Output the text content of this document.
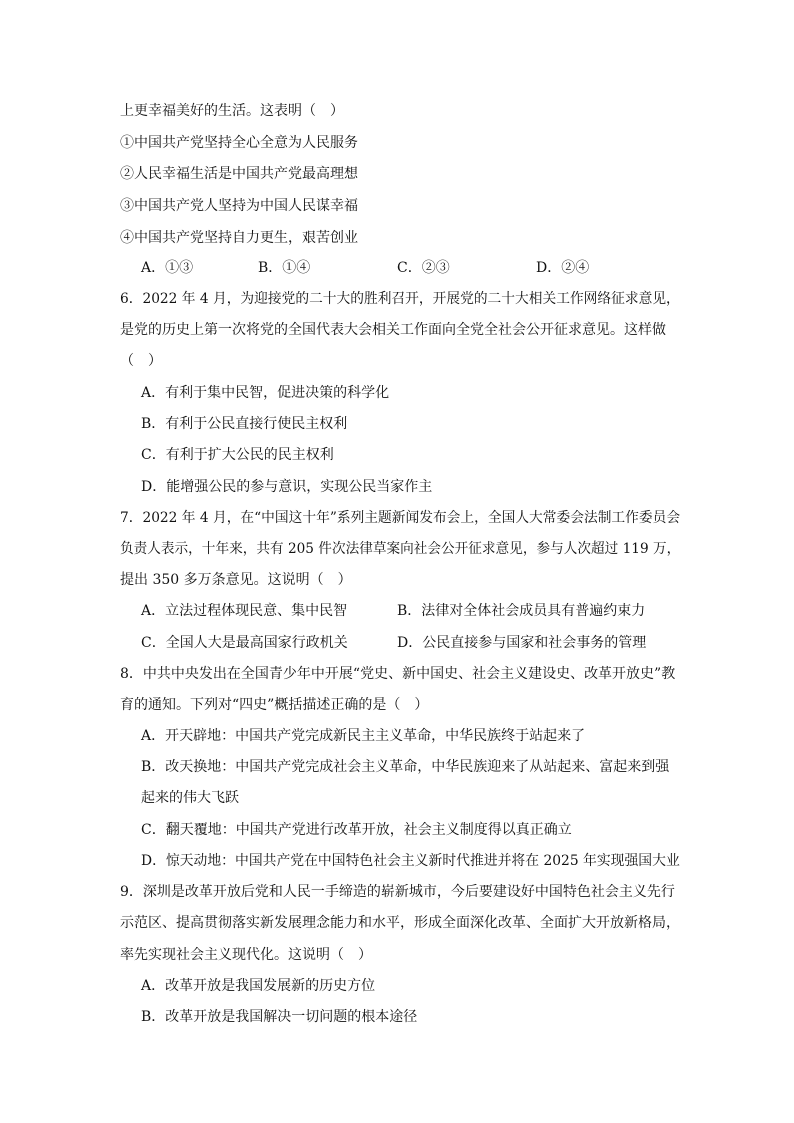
上更幸福美好的生活。这表明（　）
①中国共产党坚持全心全意为人民服务
②人民幸福生活是中国共产党最高理想
③中国共产党人坚持为中国人民谋幸福
④中国共产党坚持自力更生，艰苦创业
A．①③	B．①④	C．②③	D．②④
6．2022 年 4 月，为迎接党的二十大的胜利召开，开展党的二十大相关工作网络征求意见，
是党的历史上第一次将党的全国代表大会相关工作面向全党全社会公开征求意见。这样做
（　）
A．有利于集中民智，促进决策的科学化
B．有利于公民直接行使民主权利
C．有利于扩大公民的民主权利
D．能增强公民的参与意识，实现公民当家作主
7．2022 年 4 月，在“中国这十年”系列主题新闻发布会上，全国人大常委会法制工作委员会
负责人表示，十年来，共有 205 件次法律草案向社会公开征求意见，参与人次超过 119 万，
提出 350 多万条意见。这说明（　）
A．立法过程体现民意、集中民智	B．法律对全体社会成员具有普遍约束力
C．全国人大是最高国家行政机关	D．公民直接参与国家和社会事务的管理
8．中共中央发出在全国青少年中开展“党史、新中国史、社会主义建设史、改革开放史”教
育的通知。下列对“四史”概括描述正确的是（　）
A．开天辟地：中国共产党完成新民主主义革命，中华民族终于站起来了
B．改天换地：中国共产党完成社会主义革命，中华民族迎来了从站起来、富起来到强
起来的伟大飞跃
C．翻天覆地：中国共产党进行改革开放，社会主义制度得以真正确立
D．惊天动地：中国共产党在中国特色社会主义新时代推进并将在 2025 年实现强国大业
9．深圳是改革开放后党和人民一手缔造的崭新城市，今后要建设好中国特色社会主义先行
示范区、提高贯彻落实新发展理念能力和水平，形成全面深化改革、全面扩大开放新格局，
率先实现社会主义现代化。这说明（　）
A．改革开放是我国发展新的历史方位
B．改革开放是我国解决一切问题的根本途径
